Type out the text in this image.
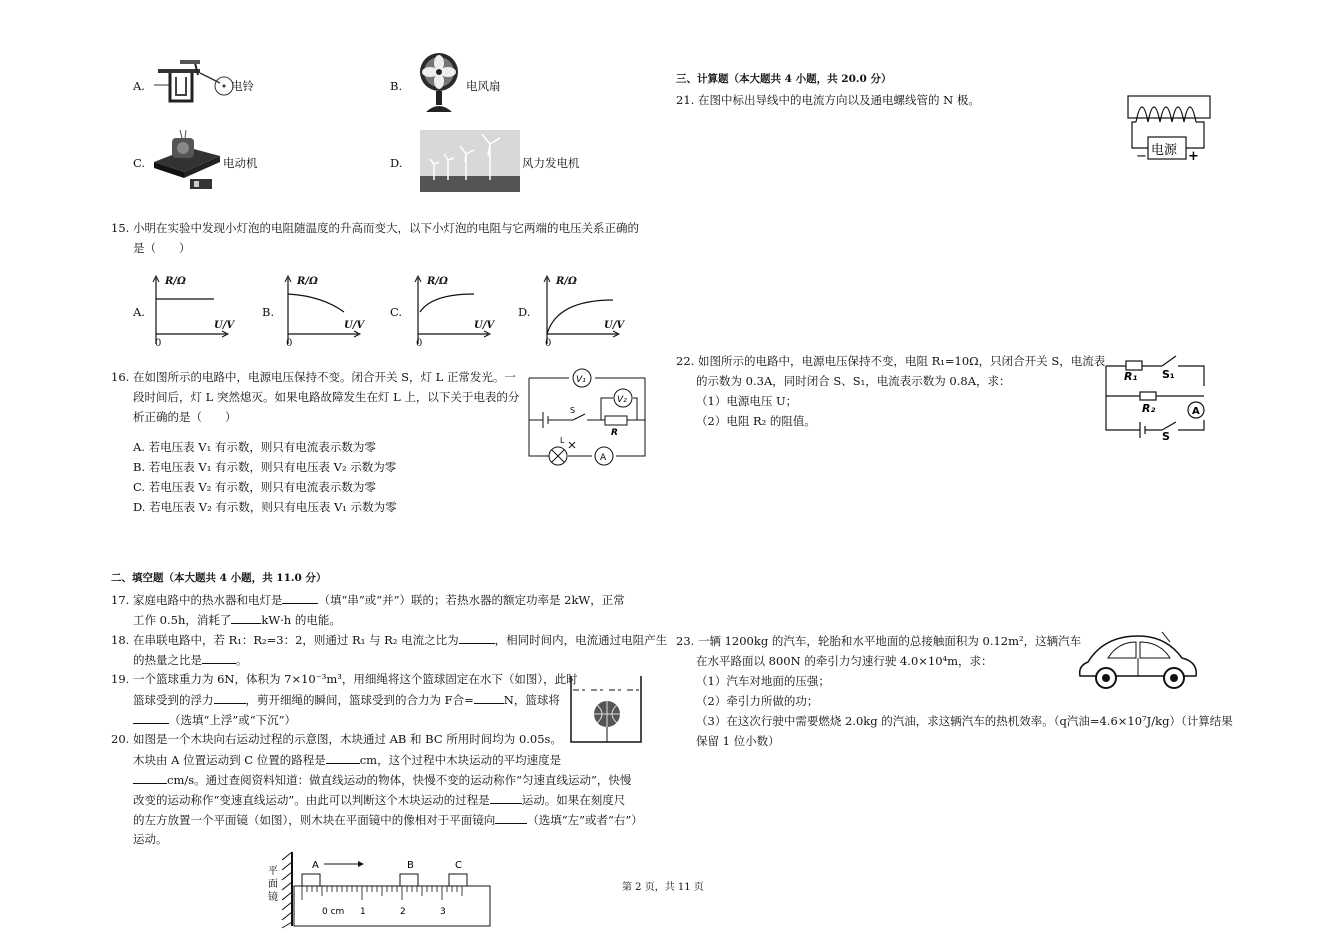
A.	电铃	B.	电风扇
C.	电动机	D.	风力发电机
15. 小明在实验中发现小灯泡的电阻随温度的升高而变大，以下小灯泡的电阻与它两端的电压关系正确的
是（　　）
A.
R/Ω
U/V
0
B.
R/Ω
U/V
0
C.
R/Ω
U/V
0
D.
R/Ω
U/V
0
16. 在如图所示的电路中，电源电压保持不变。闭合开关 S，灯 L 正常发光。一
段时间后，灯 L 突然熄灭。如果电路故障发生在灯 L 上，以下关于电表的分
析正确的是（　　）
A. 若电压表 V₁ 有示数，则只有电流表示数为零
B. 若电压表 V₁ 有示数，则只有电压表 V₂ 示数为零
C. 若电压表 V₂ 有示数，则只有电流表示数为零
D. 若电压表 V₂ 有示数，则只有电压表 V₁ 示数为零
V₁
V₂
S
R
L
A
二、填空题（本大题共 4 小题，共 11.0 分）
17. 家庭电路中的热水器和电灯是	（填“串”或“并”）联的；若热水器的额定功率是 2kW，正常
工作 0.5h，消耗了	kW·h 的电能。
18. 在串联电路中，若 R₁：R₂=3：2，则通过 R₁ 与 R₂ 电流之比为	，相同时间内，电流通过电阻产生
的热量之比是	。
19. 一个篮球重力为 6N，体积为 7×10⁻³m³，用细绳将这个篮球固定在水下（如图），此时
篮球受到的浮力	，剪开细绳的瞬间，篮球受到的合力为 F合=	N，篮球将
（选填“上浮”或“下沉”）
20. 如图是一个木块向右运动过程的示意图，木块通过 AB 和 BC 所用时间均为 0.05s。
木块由 A 位置运动到 C 位置的路程是	cm，这个过程中木块运动的平均速度是
cm/s。通过查阅资料知道：做直线运动的物体，快慢不变的运动称作“匀速直线运动”，快慢
改变的运动称作“变速直线运动”。由此可以判断这个木块运动的过程是	运动。如果在刻度尺
的左方放置一个平面镜（如图），则木块在平面镜中的像相对于平面镜向	（选填“左”或者“右”）
运动。
平
面
镜
A	B	C
0 cm 1	2	3
第 2 页，共 11 页
三、计算题（本大题共 4 小题，共 20.0 分）
21. 在图中标出导线中的电流方向以及通电螺线管的 N 极。
电源
−	+
22. 如图所示的电路中，电源电压保持不变，电阻 R₁=10Ω，只闭合开关 S，电流表
的示数为 0.3A，同时闭合 S、S₁，电流表示数为 0.8A，求：
（1）电源电压 U；
（2）电阻 R₂ 的阻值。
R₁ S₁
R₂	A
S
23. 一辆 1200kg 的汽车，轮胎和水平地面的总接触面积为 0.12m²，这辆汽车
在水平路面以 800N 的牵引力匀速行驶 4.0×10⁴m，求：
（1）汽车对地面的压强；
（2）牵引力所做的功；
（3）在这次行驶中需要燃烧 2.0kg 的汽油，求这辆汽车的热机效率。（q汽油=4.6×10⁷J/kg）（计算结果
保留 1 位小数）
